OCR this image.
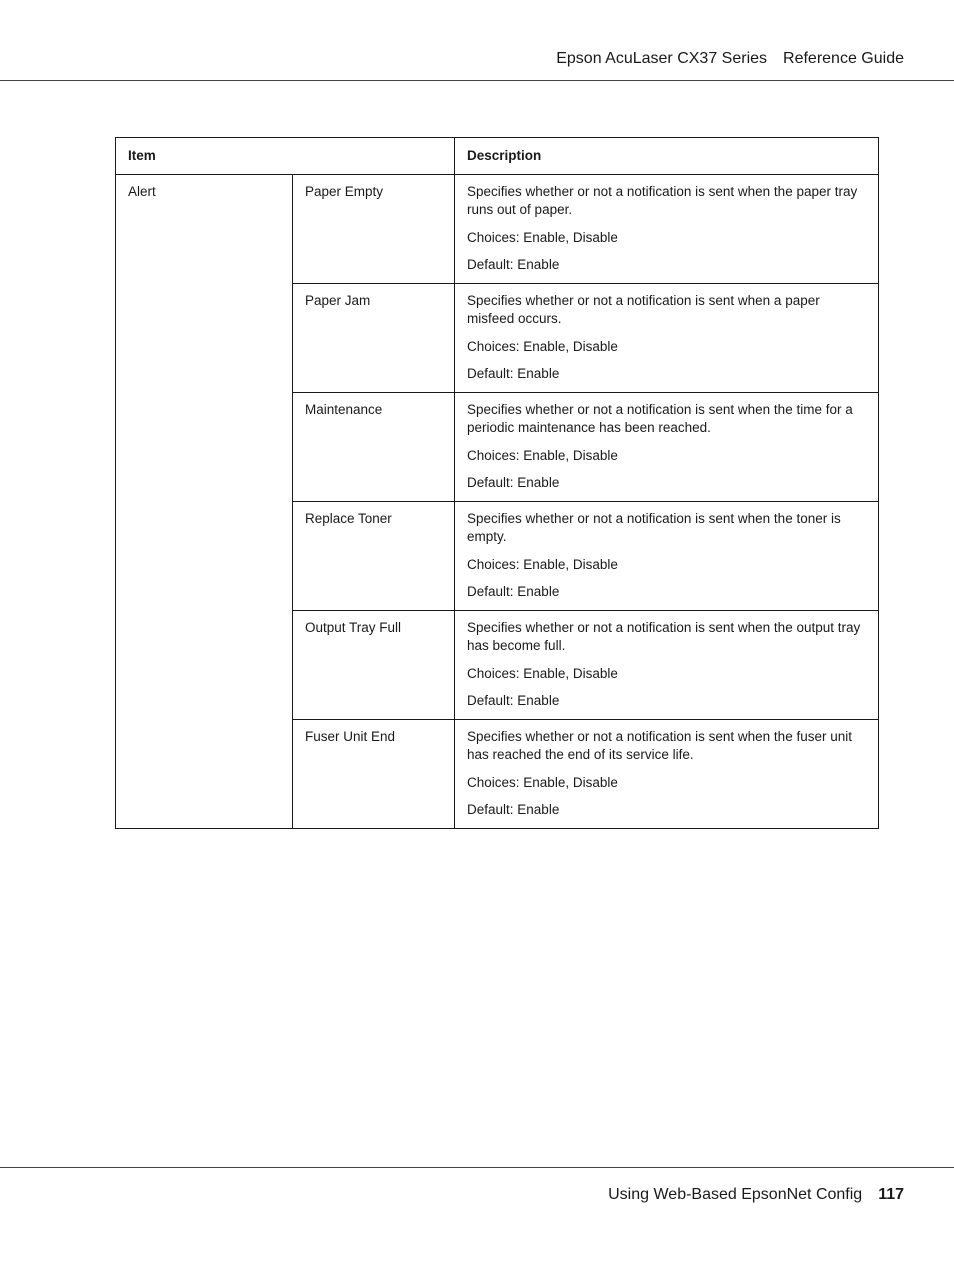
Epson AcuLaser CX37 Series Reference Guide
Item		Description
Alert	Paper Empty	Specifies whether or not a notification is sent when the paper tray runs out of paper.

Choices: Enable, Disable

Default: Enable

	Paper Jam	Specifies whether or not a notification is sent when a paper misfeed occurs.

Choices: Enable, Disable

Default: Enable

	Maintenance	Specifies whether or not a notification is sent when the time for a periodic maintenance has been reached.

Choices: Enable, Disable

Default: Enable

	Replace Toner	Specifies whether or not a notification is sent when the toner is empty.

Choices: Enable, Disable

Default: Enable

	Output Tray Full	Specifies whether or not a notification is sent when the output tray has become full.

Choices: Enable, Disable

Default: Enable

	Fuser Unit End	Specifies whether or not a notification is sent when the fuser unit has reached the end of its service life.

Choices: Enable, Disable

Default: Enable

Using Web-Based EpsonNet Config 117
